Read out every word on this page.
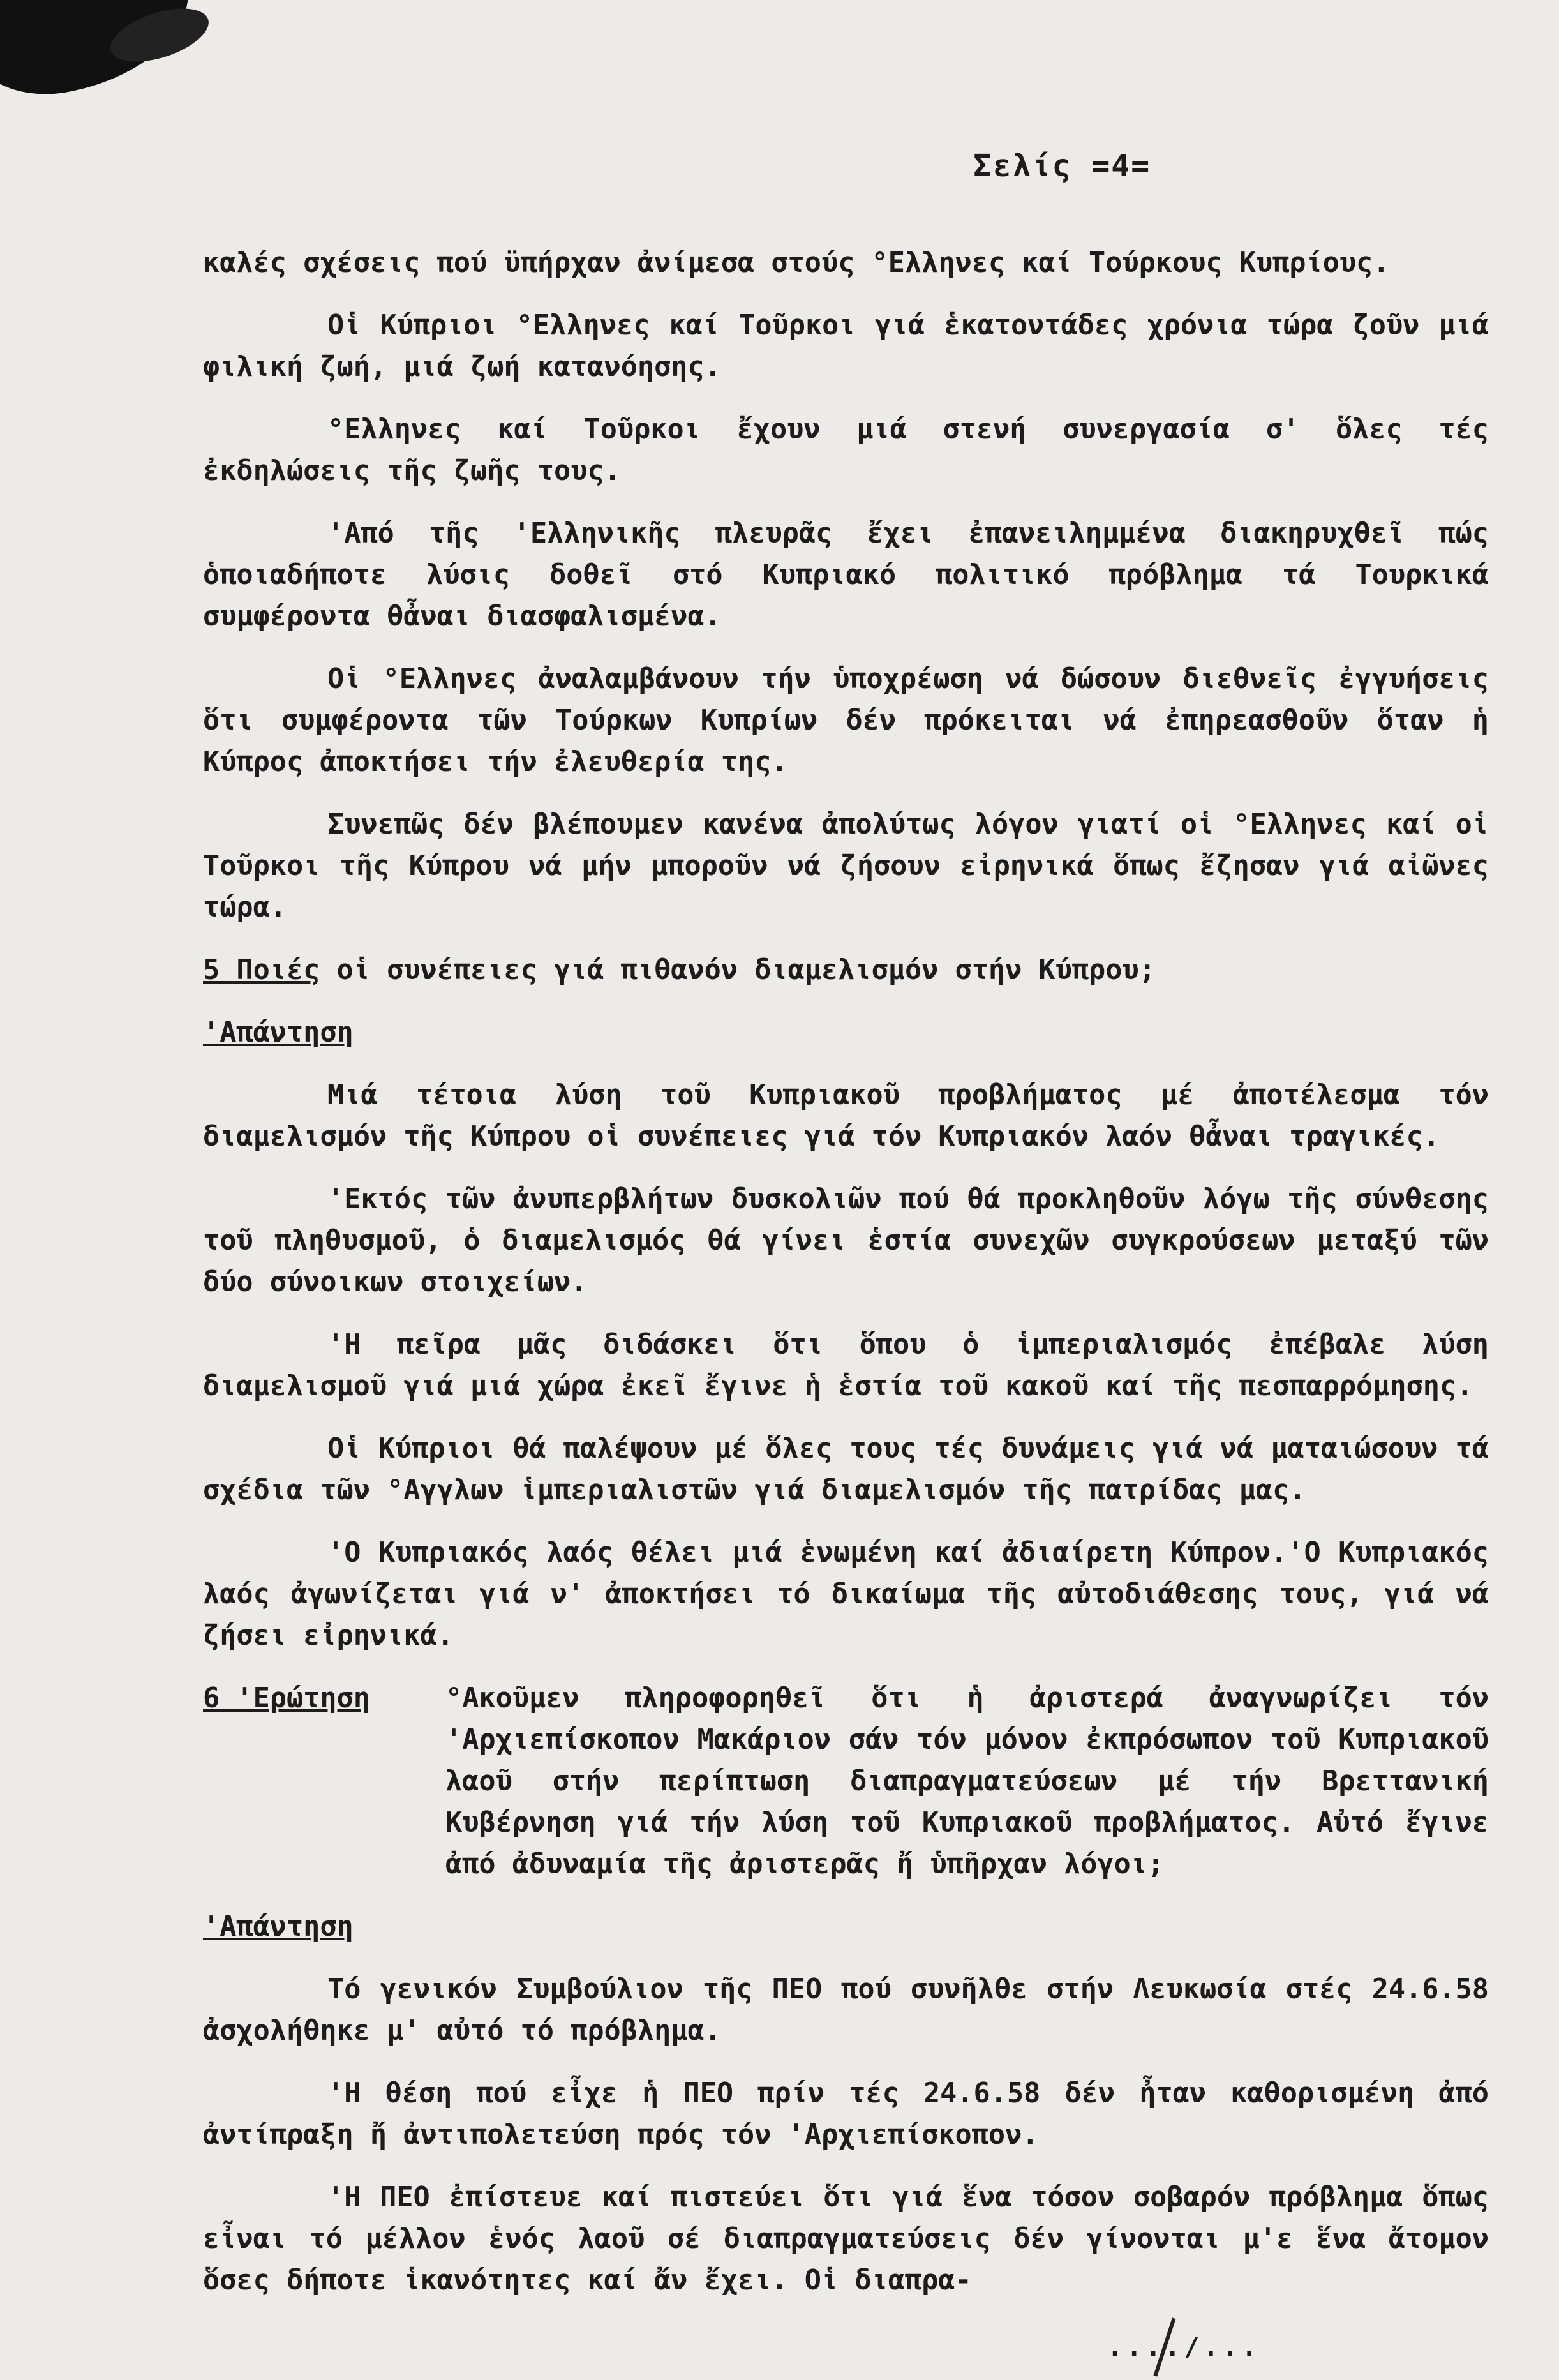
Σελίς =4=

καλές σχέσεις πού ϋπήρχαν ἀνίμεσα στούς °Ελληνες καί Τούρκους Κυπρίους.

Οἱ Κύπριοι °Ελληνες καί Τοῦρκοι γιά ἑκατοντάδες χρόνια τώρα ζοῦν μιά φιλική ζωή, μιά ζωή κατανόησης.

°Ελληνες καί Τοῦρκοι ἔχουν μιά στενή συνεργασία σ' ὅλες τές ἐκδηλώσεις τῆς ζωῆς τους.

'Από τῆς 'Ελληνικῆς πλευρᾶς ἔχει ἐπανειλημμένα διακηρυχθεῖ πώς ὁποιαδήποτε λύσις δοθεῖ στό Κυπριακό πολιτικό πρόβλημα τά Τουρκικά συμφέροντα θἆναι διασφαλισμένα.

Οἱ °Ελληνες ἀναλαμβάνουν τήν ὑποχρέωση νά δώσουν διεθνεῖς ἐγγυήσεις ὅτι συμφέροντα τῶν Τούρκων Κυπρίων δέν πρόκειται νά ἐπηρεασθοῦν ὅταν ἡ Κύπρος ἀποκτήσει τήν ἐλευθερία της.

Συνεπῶς δέν βλέπουμεν κανένα ἀπολύτως λόγον γιατί οἱ °Ελληνες καί οἱ Τοῦρκοι τῆς Κύπρου νά μήν μποροῦν νά ζήσουν εἰρηνικά ὅπως ἔζησαν γιά αἰῶνες τώρα.

5 Ποιές οἱ συνέπειες γιά πιθανόν διαμελισμόν στήν Κύπρου;

'Απάντηση

Μιά τέτοια λύση τοῦ Κυπριακοῦ προβλήματος μέ ἀποτέλεσμα τόν διαμελισμόν τῆς Κύπρου οἱ συνέπειες γιά τόν Κυπριακόν λαόν θἆναι τραγικές.

'Εκτός τῶν ἀνυπερβλήτων δυσκολιῶν πού θά προκληθοῦν λόγω τῆς σύνθεσης τοῦ πληθυσμοῦ, ὁ διαμελισμός θά γίνει ἑστία συνεχῶν συγκρούσεων μεταξύ τῶν δύο σύνοικων στοιχείων.

'Η πεῖρα μᾶς διδάσκει ὅτι ὅπου ὁ ἱμπεριαλισμός ἐπέβαλε λύση διαμελισμοῦ γιά μιά χώρα ἐκεῖ ἔγινε ἡ ἑστία τοῦ κακοῦ καί τῆς πεσπαρρόμησης.

Οἱ Κύπριοι θά παλέψουν μέ ὅλες τους τές δυνάμεις γιά νά ματαιώσουν τά σχέδια τῶν °Αγγλων ἱμπεριαλιστῶν γιά διαμελισμόν τῆς πατρίδας μας.

'Ο Κυπριακός λαός θέλει μιά ἑνωμένη καί ἀδιαίρετη Κύπρον.'Ο Κυπριακός λαός ἀγωνίζεται γιά ν' ἀποκτήσει τό δικαίωμα τῆς αὐτοδιάθεσης τους, γιά νά ζήσει εἰρηνικά.

6 'Ερώτηση	°Ακοῦμεν πληροφορηθεῖ ὅτι ἡ ἀριστερά ἀναγνωρίζει τόν 'Αρχιεπίσκοπον Μακάριον σάν τόν μόνον ἐκπρόσωπον τοῦ Κυπριακοῦ λαοῦ στήν περίπτωση διαπραγματεύσεων μέ τήν Βρεττανική Κυβέρνηση γιά τήν λύση τοῦ Κυπριακοῦ προβλήματος. Αὐτό ἔγινε ἀπό ἀδυναμία τῆς ἀριστερᾶς ἤ ὑπῆρχαν λόγοι;
'Απάντηση

Τό γενικόν Συμβούλιον τῆς ΠΕΟ πού συνῆλθε στήν Λευκωσία στές 24.6.58 ἀσχολήθηκε μ' αὐτό τό πρόβλημα.

'Η θέση πού εἶχε ἡ ΠΕΟ πρίν τές 24.6.58 δέν ἦταν καθορισμένη ἀπό ἀντίπραξη ἤ ἀντιπολετεύση πρός τόν 'Αρχιεπίσκοπον.

'Η ΠΕΟ ἐπίστευε καί πιστεύει ὅτι γιά ἕνα τόσον σοβαρόν πρόβλημα ὅπως εἶναι τό μέλλον ἑνός λαοῦ σέ διαπραγματεύσεις δέν γίνονται μ'ε ἕνα ἄτομον ὅσες δήποτε ἱκανότητες καί ἄν ἔχει. Οἱ διαπρα-

..../...
